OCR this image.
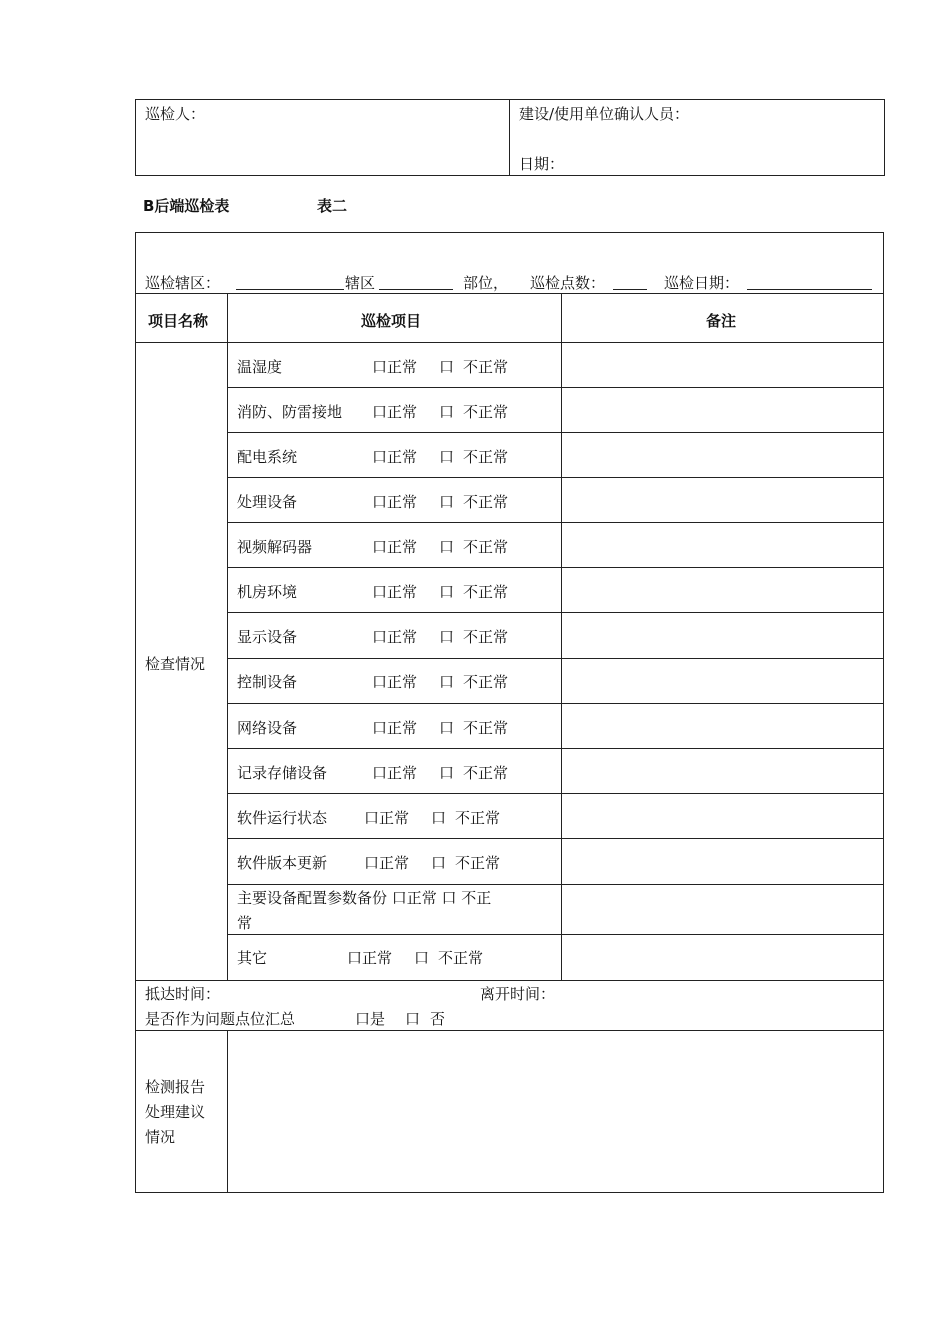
巡检人：	建设/使用单位确认人员：
日期：
B后端巡检表	表二
巡检辖区：	辖区	部位， 巡检点数：	巡检日期：
项目名称	巡检项目	备注
检查情况
温湿度	口正常 口 不正常
消防、防雷接地 口正常 口 不正常
配电系统	口正常 口 不正常
处理设备	口正常 口 不正常
视频解码器	口正常 口 不正常
机房环境	口正常 口 不正常
显示设备	口正常 口 不正常
控制设备	口正常 口 不正常
网络设备	口正常 口 不正常
记录存储设备	口正常 口 不正常
软件运行状态 口正常 口 不正常
软件版本更新 口正常 口 不正常
主要设备配置参数备份 口正常 口 不正
常
其它	口正常 口 不正常
抵达时间：	离开时间：
是否作为问题点位汇总	口是 口 否
检测报告
处理建议
情况
